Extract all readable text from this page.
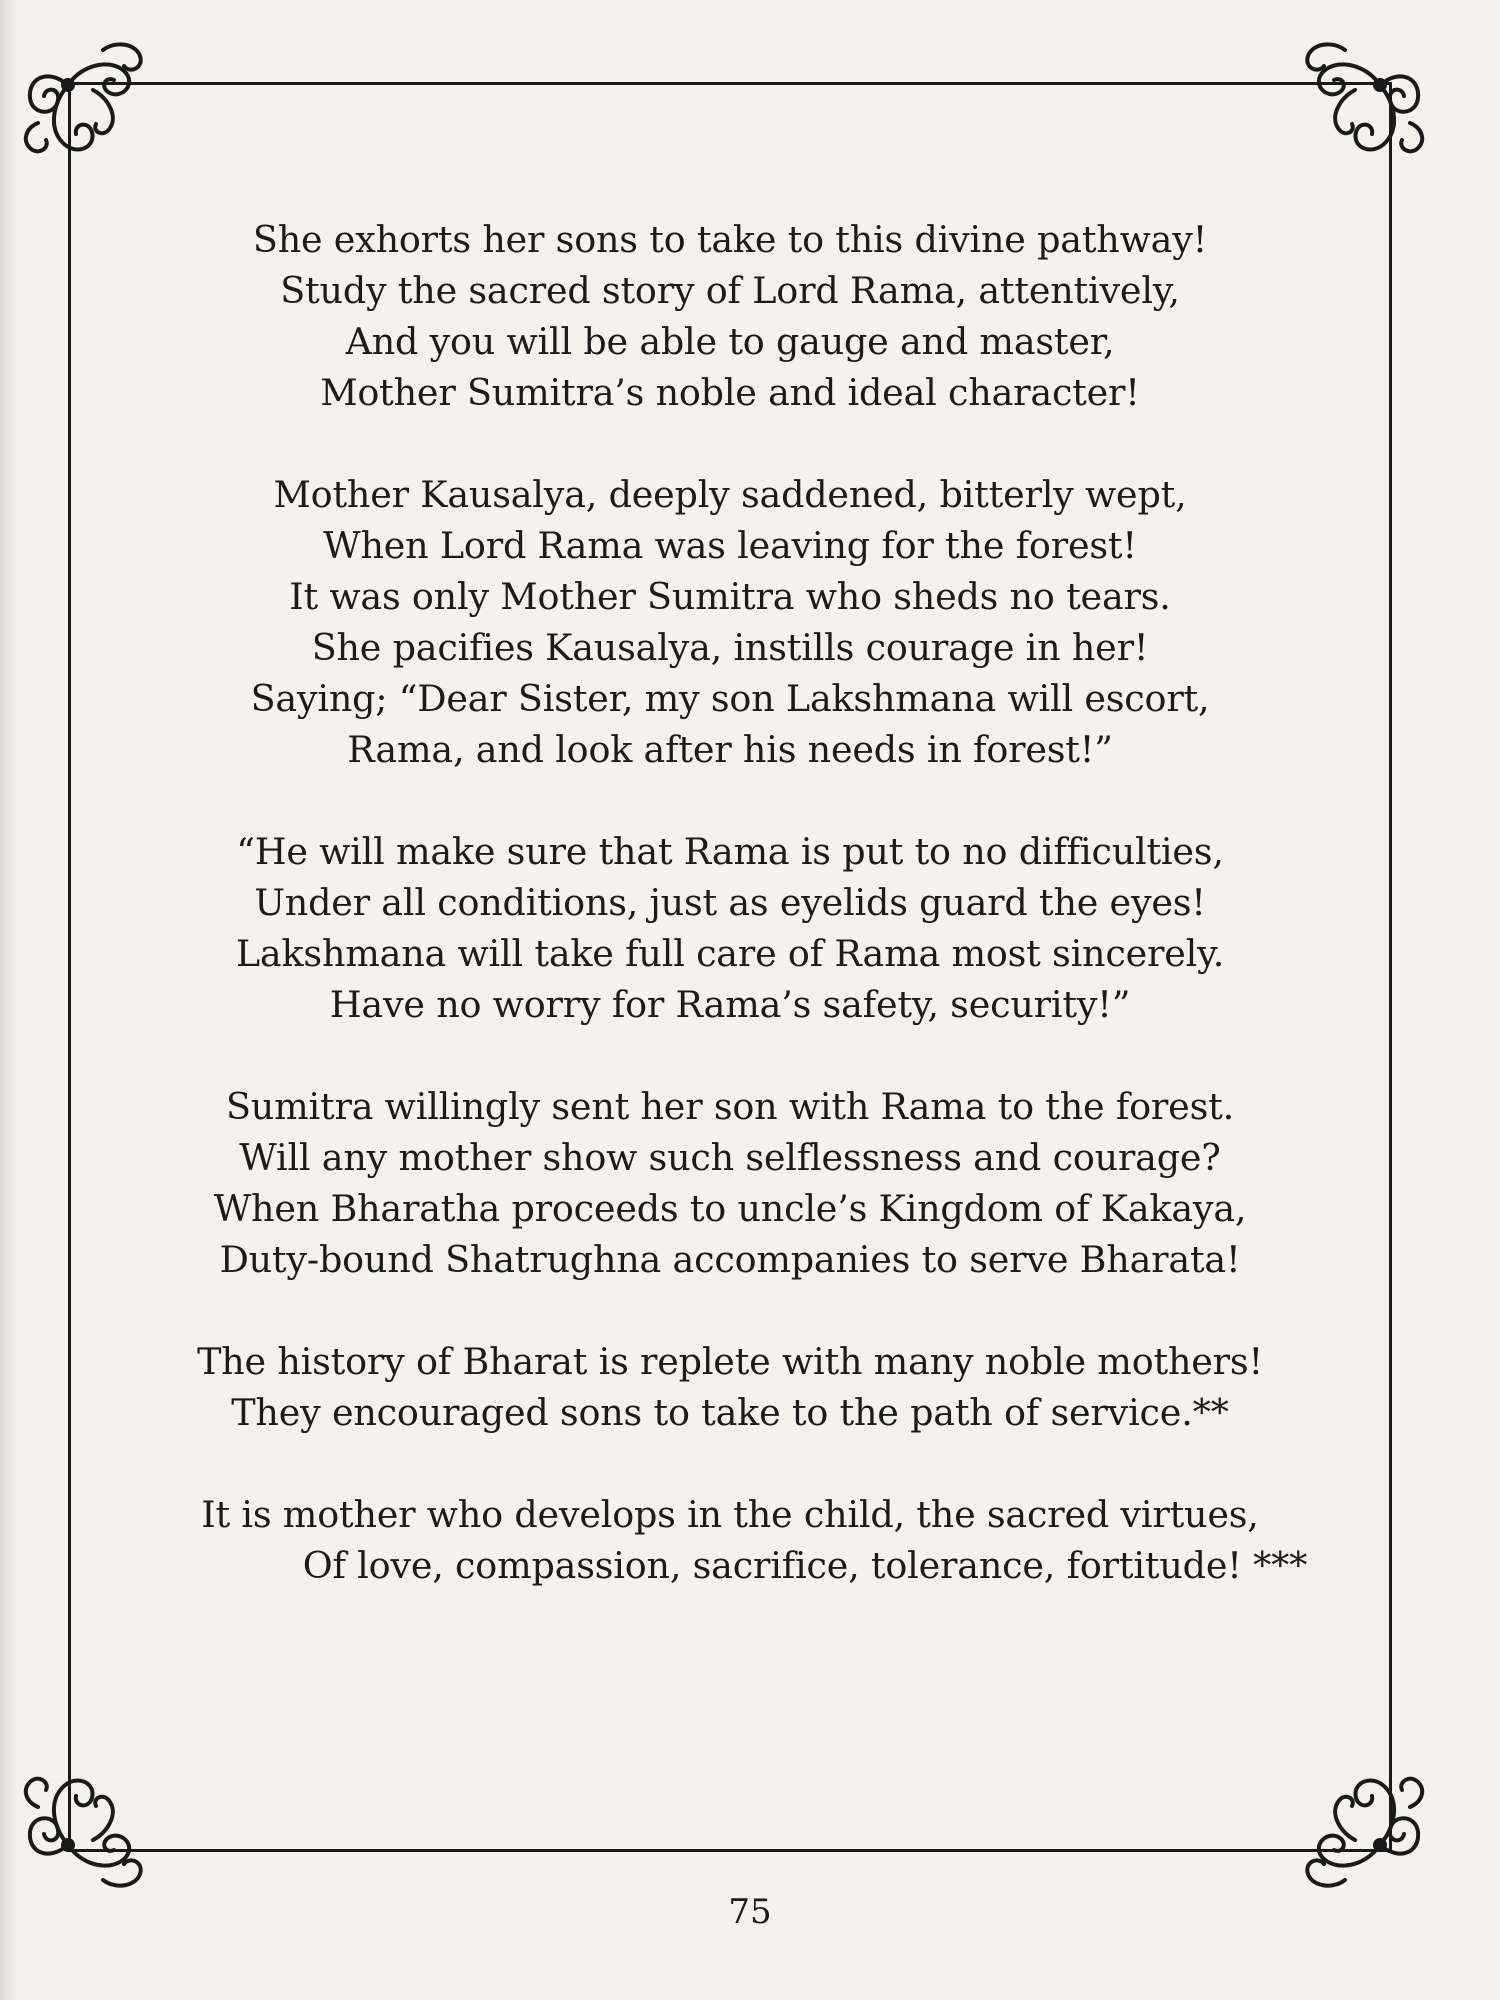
She exhorts her sons to take to this divine pathway!
Study the sacred story of Lord Rama, attentively,
And you will be able to gauge and master,
Mother Sumitra’s noble and ideal character!
Mother Kausalya, deeply saddened, bitterly wept,
When Lord Rama was leaving for the forest!
It was only Mother Sumitra who sheds no tears.
She pacifies Kausalya, instills courage in her!
Saying; “Dear Sister, my son Lakshmana will escort,
Rama, and look after his needs in forest!”
“He will make sure that Rama is put to no difficulties,
Under all conditions, just as eyelids guard the eyes!
Lakshmana will take full care of Rama most sincerely.
Have no worry for Rama’s safety, security!”
Sumitra willingly sent her son with Rama to the forest.
Will any mother show such selflessness and courage?
When Bharatha proceeds to uncle’s Kingdom of Kakaya,
Duty-bound Shatrughna accompanies to serve Bharata!
The history of Bharat is replete with many noble mothers!
They encouraged sons to take to the path of service.**
It is mother who develops in the child, the sacred virtues,
Of love, compassion, sacrifice, tolerance, fortitude! ***
75
